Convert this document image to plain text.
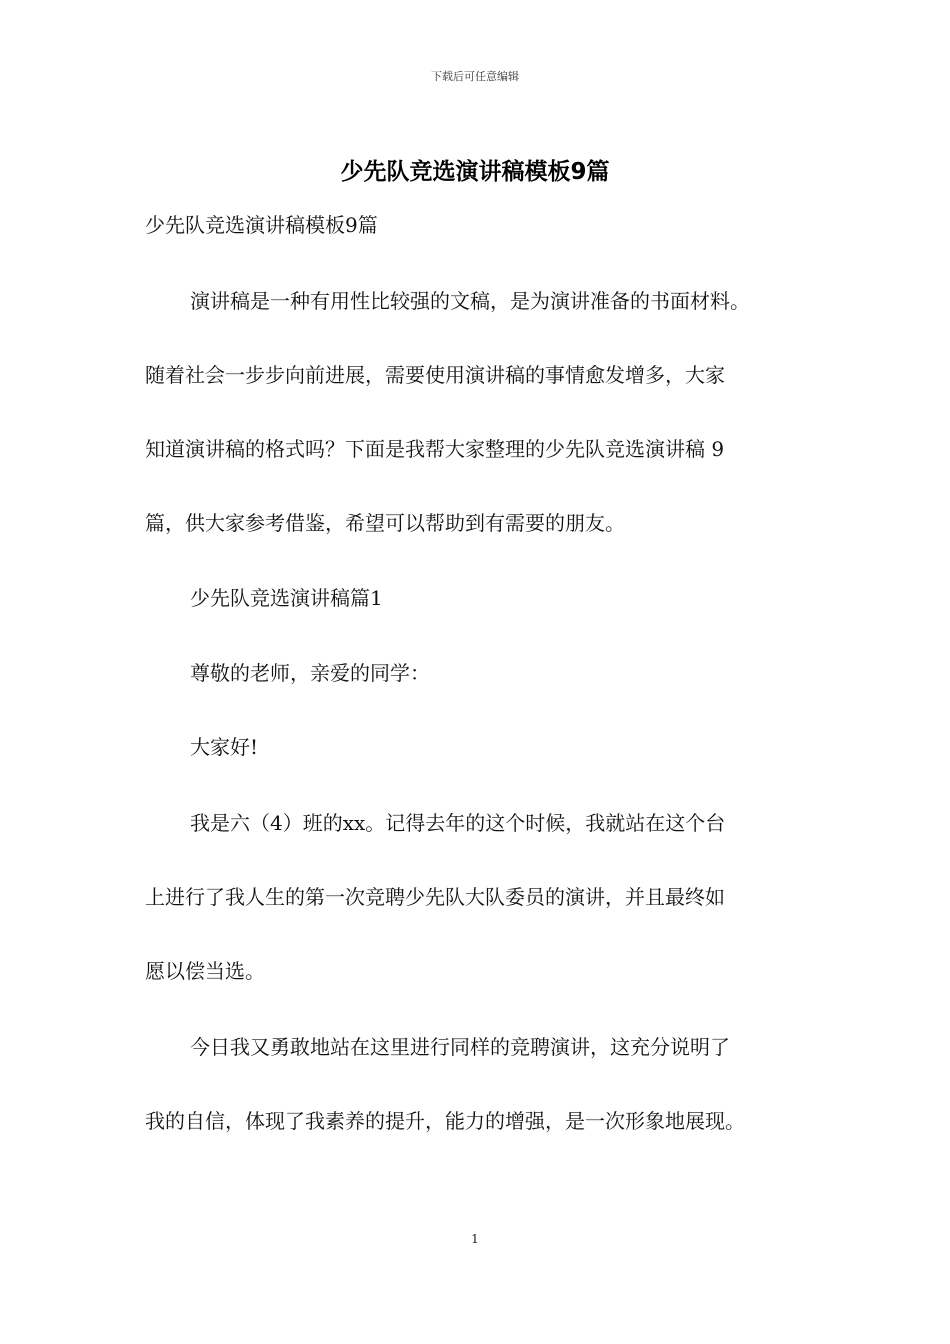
下载后可任意编辑
少先队竞选演讲稿模板9篇
少先队竞选演讲稿模板9篇
演讲稿是一种有用性比较强的文稿，是为演讲准备的书面材料。
随着社会一步步向前进展，需要使用演讲稿的事情愈发增多，大家
知道演讲稿的格式吗？下面是我帮大家整理的少先队竞选演讲稿 9
篇，供大家参考借鉴，希望可以帮助到有需要的朋友。
少先队竞选演讲稿篇1
尊敬的老师，亲爱的同学：
大家好!
我是六（4）班的xx。记得去年的这个时候，我就站在这个台
上进行了我人生的第一次竞聘少先队大队委员的演讲，并且最终如
愿以偿当选。
今日我又勇敢地站在这里进行同样的竞聘演讲，这充分说明了
我的自信，体现了我素养的提升，能力的增强，是一次形象地展现。
1
